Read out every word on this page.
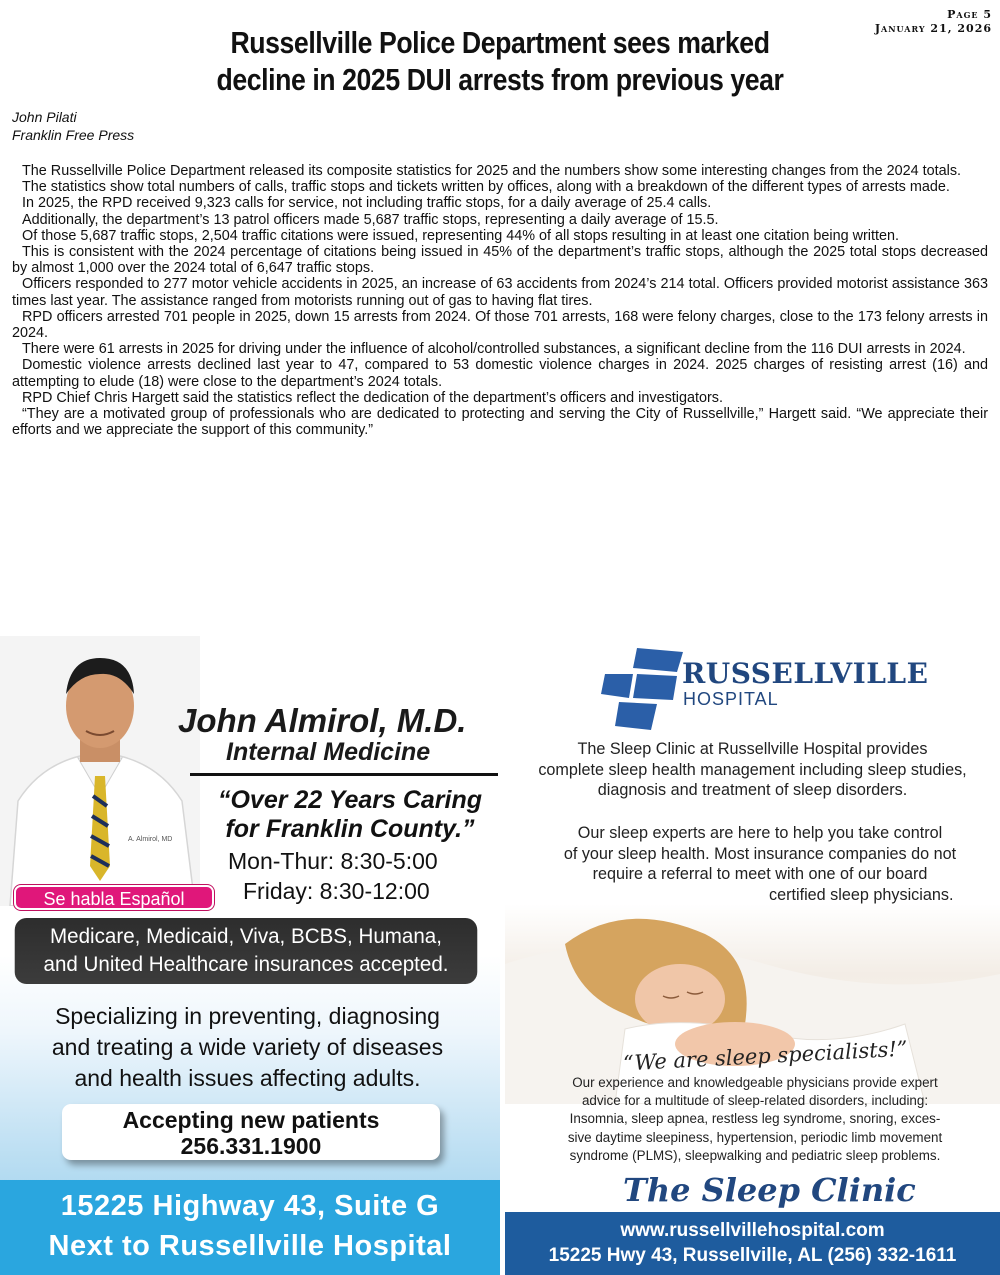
Page 5
January 21, 2026
Russellville Police Department sees marked
decline in 2025 DUI arrests from previous year
John Pilati
Franklin Free Press

The Russellville Police Department released its composite statistics for 2025 and the numbers show some interesting changes from the 2024 totals.

The statistics show total numbers of calls, traffic stops and tickets written by offices, along with a breakdown of the different types of arrests made.

In 2025, the RPD received 9,323 calls for service, not including traffic stops, for a daily average of 25.4 calls.

Additionally, the department’s 13 patrol officers made 5,687 traffic stops, representing a daily average of 15.5.

Of those 5,687 traffic stops, 2,504 traffic citations were issued, representing 44% of all stops resulting in at least one citation being written.

This is consistent with the 2024 percentage of citations being issued in 45% of the department’s traffic stops, although the 2025 total stops decreased by almost 1,000 over the 2024 total of 6,647 traffic stops.

Officers responded to 277 motor vehicle accidents in 2025, an increase of 63 accidents from 2024’s 214 total. Officers provided motorist assistance 363 times last year. The assistance ranged from motorists running out of gas to having flat tires.

RPD officers arrested 701 people in 2025, down 15 arrests from 2024. Of those 701 arrests, 168 were felony charges, close to the 173 felony arrests in 2024.

There were 61 arrests in 2025 for driving under the influence of alcohol/controlled substances, a significant decline from the 116 DUI arrests in 2024.

Domestic violence arrests declined last year to 47, compared to 53 domestic violence charges in 2024. 2025 charges of resisting arrest (16) and attempting to elude (18) were close to the department’s 2024 totals.

RPD Chief Chris Hargett said the statistics reflect the dedication of the department’s officers and investigators.

“They are a motivated group of professionals who are dedicated to protecting and serving the City of Russellville,” Hargett said. “We appreciate their efforts and we appreciate the support of this community.”

A. Almirol, MD
John Almirol, M.D.
Internal Medicine
“Over 22 Years Caring
for Franklin County.”
Mon-Thur: 8:30-5:00
Friday: 8:30-12:00
Se habla Español
Medicare, Medicaid, Viva, BCBS, Humana,
and United Healthcare insurances accepted.
Specializing in preventing, diagnosing
and treating a wide variety of diseases
and health issues affecting adults.
Accepting new patients
256.331.1900
15225 Highway 43, Suite G
Next to Russellville Hospital
RUSSELLVILLE
HOSPITAL
The Sleep Clinic at Russellville Hospital provides
complete sleep health management including sleep studies,
diagnosis and treatment of sleep disorders.
Our sleep experts are here to help you take control
of your sleep health. Most insurance companies do not
require a referral to meet with one of our board
certified sleep physicians.
“We are sleep specialists!”
Our experience and knowledgeable physicians provide expert
advice for a multitude of sleep-related disorders, including:
Insomnia, sleep apnea, restless leg syndrome, snoring, exces-
sive daytime sleepiness, hypertension, periodic limb movement
syndrome (PLMS), sleepwalking and pediatric sleep problems.
The Sleep Clinic
www.russellvillehospital.com
15225 Hwy 43, Russellville, AL (256) 332-1611
